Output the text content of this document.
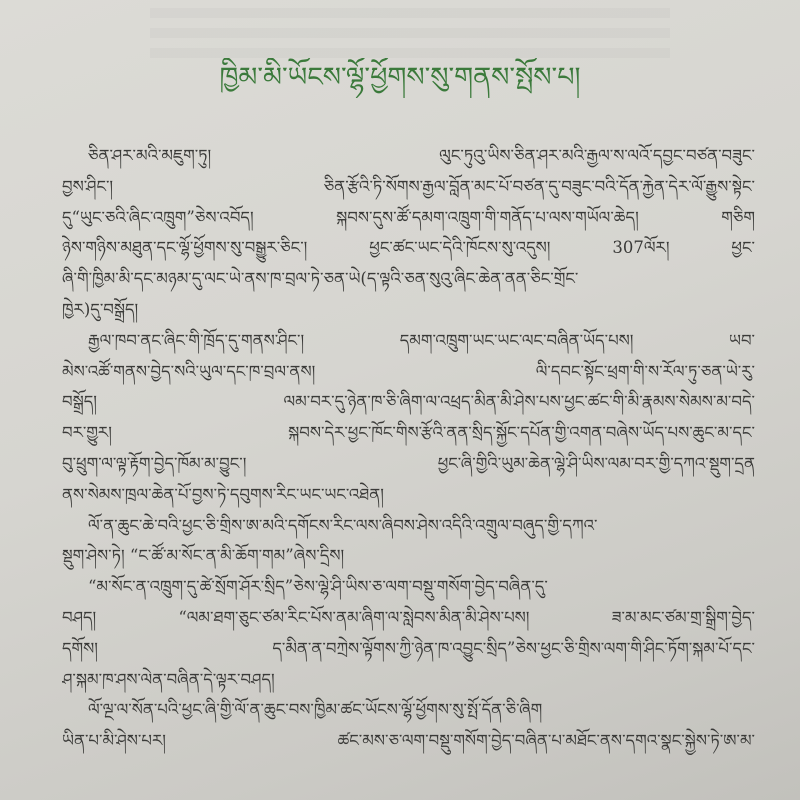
ཁྱིམ་མི་ཡོངས་ལྷོ་ཕྱོགས་སུ་གནས་སྤོས་པ།
ཅིན་ཤར་མའི་མཇུག་ཏུ། ལུང་ཏུའུ་ཡིས་ཅིན་ཤར་མའི་རྒྱལ་ས་ལའོ་དབྱང་བཙན་བཟུང་
བྱས་ཤིང་། ཅིན་རྩོའི་ཏི་སོགས་རྒྱལ་བློན་མང་པོ་བཙན་དུ་བཟུང་བའི་དོན་རྐྱེན་དེར་ལོ་རྒྱུས་སྟེང་
དུ“ཡུང་ཅའི་ཞིང་འཁྲུག”ཅེས་འབོད། སྐབས་དུས་ཚོ་དམག་འཁྲུག་གི་གནོད་པ་ལས་གཡོལ་ཆེད། གཅིག
ཉེས་གཉིས་མཐུན་དང་ལྷོ་ཕྱོགས་སུ་བསྒྱུར་ཅིང་། ཕྱང་ཚང་ཡང་དེའི་ཁོངས་སུ་འདུས། 307ལོར། ཕྱང་
ཞི་གི་ཁྱིམ་མི་དང་མཉམ་དུ་ལང་ཡེ་ནས་ཁ་བྲལ་ཏེ་ཅན་ཡེ(ད་ལྟའི་ཅན་སུའུ་ཞིང་ཆེན་ནན་ཅིང་གྲོང་
ཁྱེར)དུ་བསྒྲོད།
རྒྱལ་ཁབ་ནང་ཞིང་གི་ཁྲོད་དུ་གནས་ཤིང་། དམག་འཁྲུག་ཡང་ཡང་ལང་བཞིན་ཡོད་པས། ཡབ་
མེས་འཚོ་གནས་བྱེད་སའི་ཡུལ་དང་ཁ་བྲལ་ནས། ལི་དབང་སྟོང་ཕྲག་གི་ས་རོལ་ཏུ་ཅན་ཡེ་རུ་
བསྒྲོད། ལམ་བར་དུ་ཉེན་ཁ་ཅི་ཞིག་ལ་འཕྲད་མིན་མི་ཤེས་པས་ཕྱང་ཚང་གི་མི་རྣམས་སེམས་མ་བདེ་
བར་གྱུར། སྐབས་དེར་ཕྱང་ཁོང་གིས་རྩོའི་ནན་སྲིད་སྐྱོང་དཔོན་གྱི་འགན་བཞེས་ཡོད་པས་ཆུང་མ་དང་
བུ་ཕྲུག་ལ་ལྟ་རྟོག་བྱེད་ཁོམ་མ་བྱུང་། ཕྱང་ཞི་གྱིའི་ཡུམ་ཆེན་ལྷེ་ཤི་ཡིས་ལམ་བར་གྱི་དཀའ་སྡུག་དྲན
ནས་སེམས་ཁྲལ་ཆེན་པོ་བྱས་ཏེ་དབུགས་རིང་ཡང་ཡང་འཐེན།
ལོ་ན་ཆུང་ཆེ་བའི་ཕྱང་ཅི་གྲིས་ཨ་མའི་དགོངས་རིང་ལས་ཞིབས་ཤེས་འདིའི་འགྲུལ་བཞུད་གྱི་དཀའ་
སྡུག་ཤེས་ཏེ། “ང་ཚོ་མ་སོང་ན་མི་ཆོག་གམ”ཞེས་དྲིས།
“མ་སོང་ན་འཁྲུག་དུ་ཚེ་སྲོག་ཤོར་སྲིད”ཅེས་ལྷེ་ཤི་ཡིས་ཅ་ལག་བསྡུ་གསོག་བྱེད་བཞིན་དུ་
བཤད། “ལམ་ཐག་ཅུང་ཙམ་རིང་པོས་ནམ་ཞིག་ལ་སླེབས་མིན་མི་ཤེས་པས། ཟ་མ་མང་ཙམ་གྲ་སྒྲིག་བྱེད་
དགོས། ད་མིན་ན་བཀྲེས་ལྟོགས་ཀྱི་ཉེན་ཁ་འབྱུང་སྲིད”ཅེས་ཕྱང་ཅི་གྲིས་ལག་གི་ཤིང་ཏོག་སྐམ་པོ་དང་
ཤ་སྐམ་ཁ་ཤས་ལེན་བཞིན་དེ་ལྟར་བཤད།
ལོ་ལྔ་ལ་སོན་པའི་ཕྱང་ཞི་གྱི་ལོ་ན་ཆུང་བས་ཁྱིམ་ཚང་ཡོངས་ལྷོ་ཕྱོགས་སུ་སྤོ་དོན་ཅི་ཞིག
ཡིན་པ་མི་ཤེས་པར། ཚང་མས་ཅ་ལག་བསྡུ་གསོག་བྱེད་བཞིན་པ་མཐོང་ནས་དགའ་སྣང་སྐྱེས་ཏེ་ཨ་མ་
